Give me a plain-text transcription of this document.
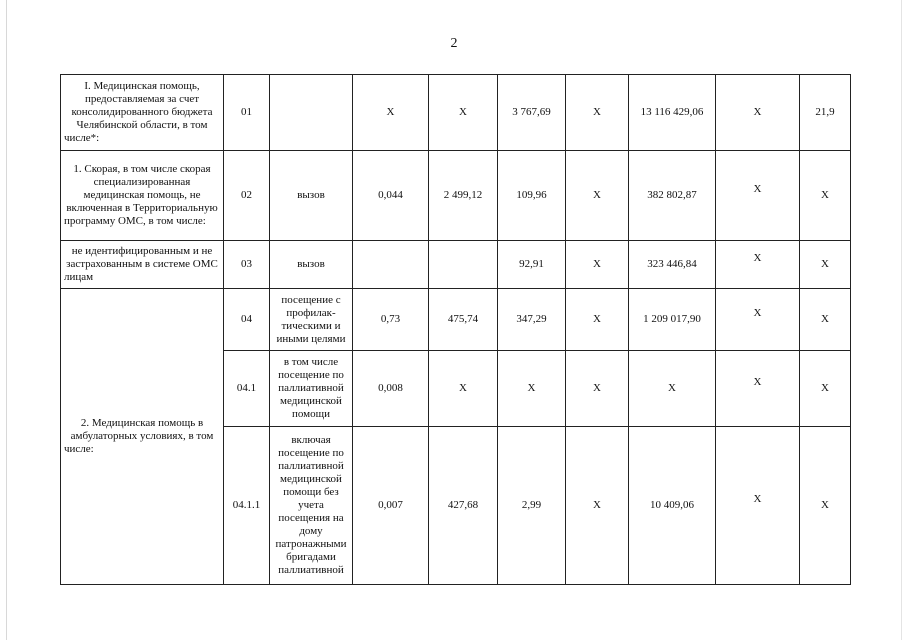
2
I. Медицинская помощь, предоставляемая за счет консолидированного бюджета Челябинской области, в том числе*:	01		X	X	3 767,69	X	13 116 429,06	X	21,9
1. Скорая, в том числе скорая специализированная медицинская помощь, не включенная в Территориальную программу ОМС, в том числе:	02	вызов	0,044	2 499,12	109,96	X	382 802,87	X	X
не идентифицированным и не застрахованным в системе ОМС лицам	03	вызов			92,91	X	323 446,84	X	X
2. Медицинская помощь в амбулаторных условиях, в том числе:	04	посещение с профилак-тическими и иными целями	0,73	475,74	347,29	X	1 209 017,90	X	X
	04.1	в том числе посещение по паллиативной медицинской помощи	0,008	X	X	X	X	X	X
	04.1.1	включая посещение по паллиативной медицинской помощи без учета посещения на дому патронажными бригадами паллиативной	0,007	427,68	2,99	X	10 409,06	X	X
